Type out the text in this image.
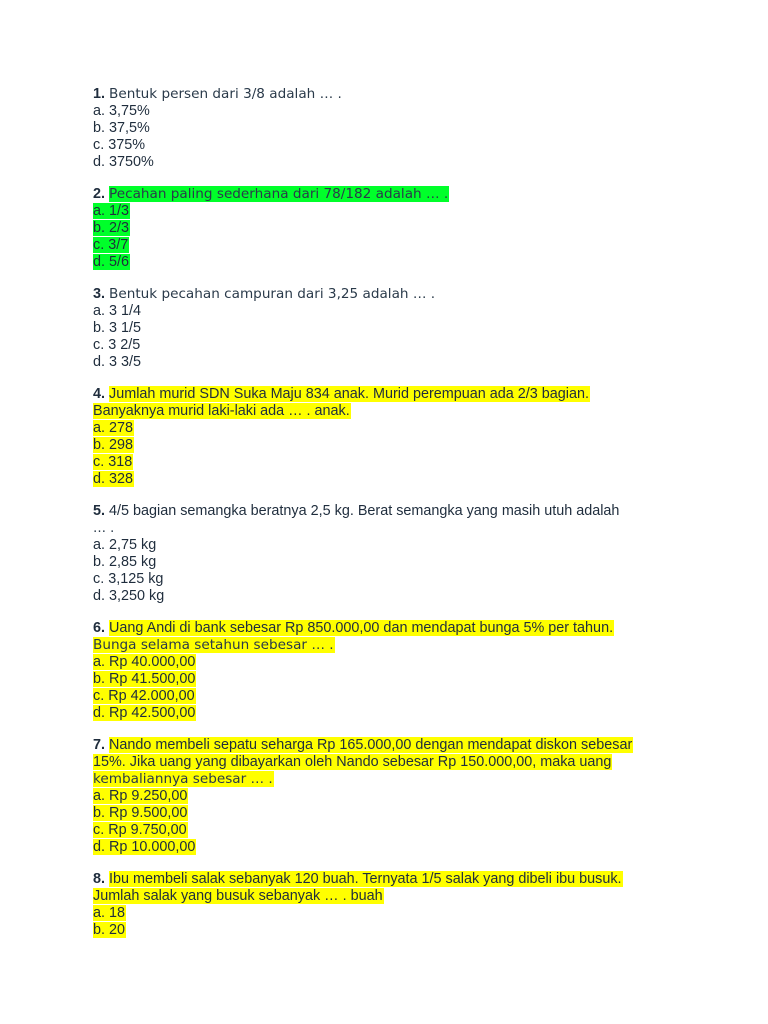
1. Bentuk persen dari 3/8 adalah … .
a. 3,75%
b. 37,5%
c. 375%
d. 3750%
2. Pecahan paling sederhana dari 78/182 adalah … .
a. 1/3
b. 2/3
c. 3/7
d. 5/6
3. Bentuk pecahan campuran dari 3,25 adalah … .
a. 3 1/4
b. 3 1/5
c. 3 2/5
d. 3 3/5
4. Jumlah murid SDN Suka Maju 834 anak. Murid perempuan ada 2/3 bagian.
Banyaknya murid laki-laki ada … . anak.
a. 278
b. 298
c. 318
d. 328
5. 4/5 bagian semangka beratnya 2,5 kg. Berat semangka yang masih utuh adalah
… .
a. 2,75 kg
b. 2,85 kg
c. 3,125 kg
d. 3,250 kg
6. Uang Andi di bank sebesar Rp 850.000,00 dan mendapat bunga 5% per tahun.
Bunga selama setahun sebesar … .
a. Rp 40.000,00
b. Rp 41.500,00
c. Rp 42.000,00
d. Rp 42.500,00
7. Nando membeli sepatu seharga Rp 165.000,00 dengan mendapat diskon sebesar
15%. Jika uang yang dibayarkan oleh Nando sebesar Rp 150.000,00, maka uang
kembaliannya sebesar … .
a. Rp 9.250,00
b. Rp 9.500,00
c. Rp 9.750,00
d. Rp 10.000,00
8. Ibu membeli salak sebanyak 120 buah. Ternyata 1/5 salak yang dibeli ibu busuk.
Jumlah salak yang busuk sebanyak … . buah
a. 18
b. 20
